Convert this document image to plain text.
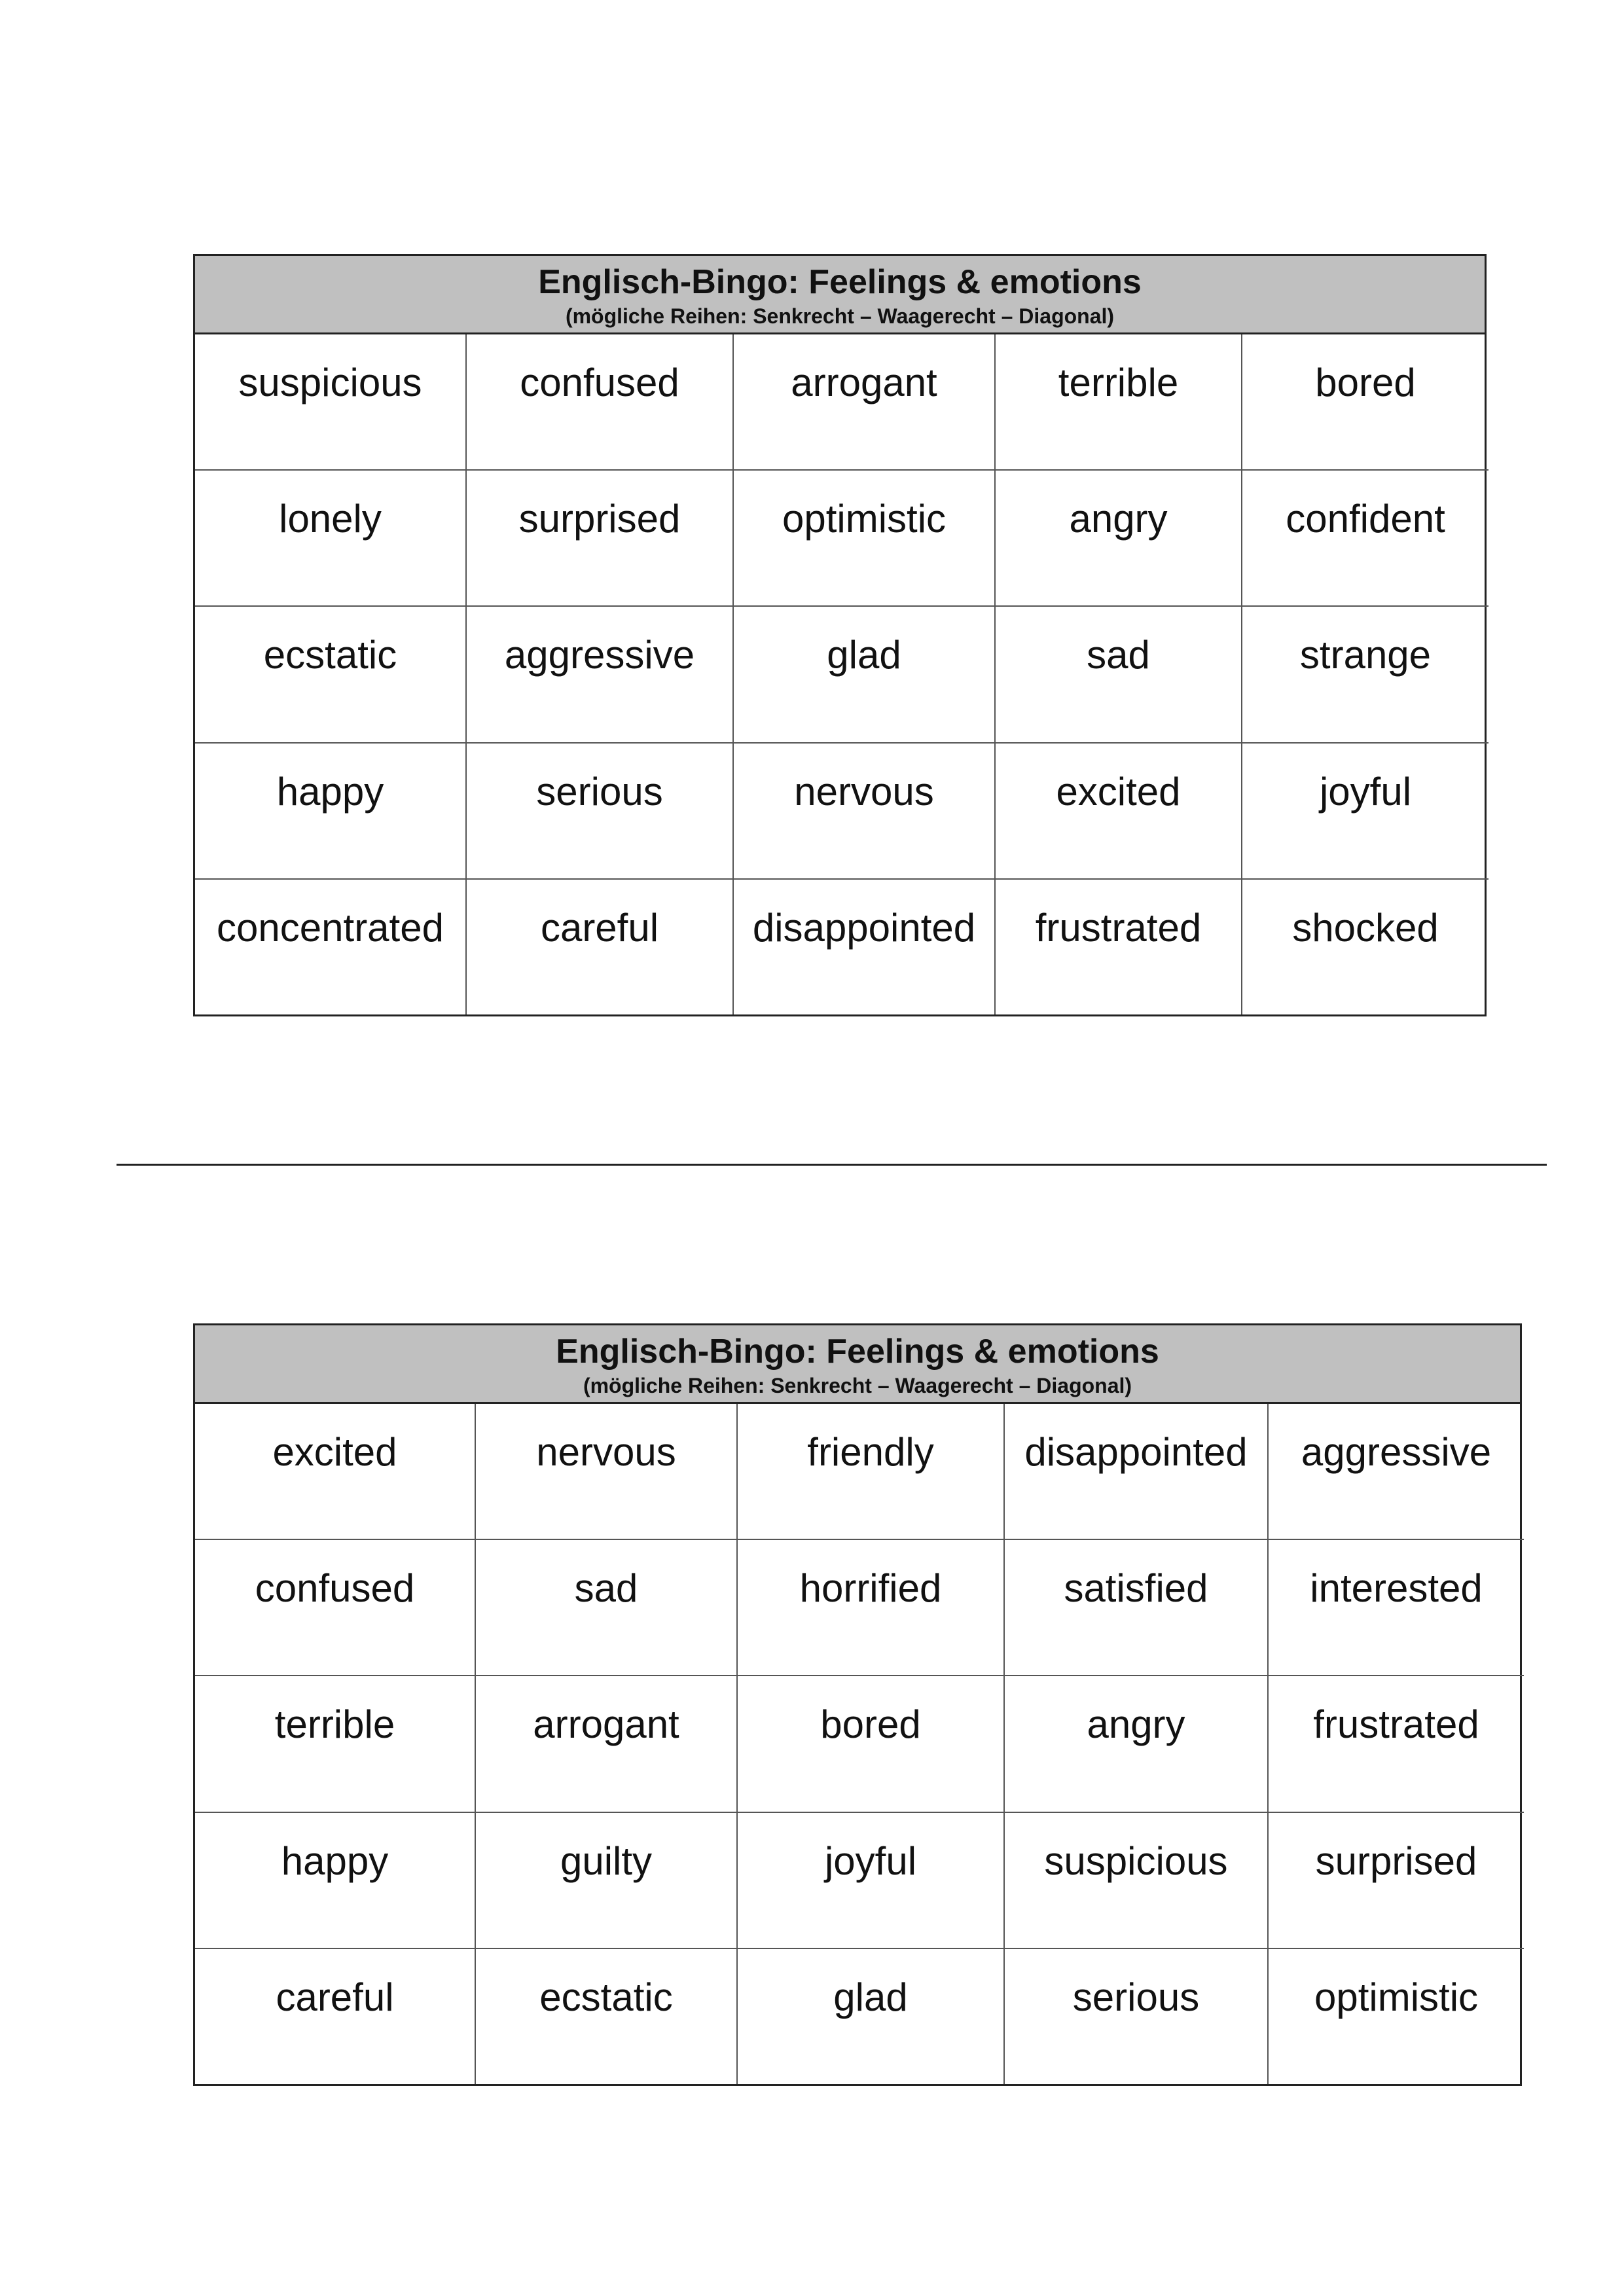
Englisch-Bingo: Feelings & emotions
(mögliche Reihen: Senkrecht – Waagerecht – Diagonal)
suspicious	confused	arrogant	terrible	bored
lonely	surprised	optimistic	angry	confident
ecstatic	aggressive	glad	sad	strange
happy	serious	nervous	excited	joyful
concentrated	careful	disappointed	frustrated	shocked
Englisch-Bingo: Feelings & emotions
(mögliche Reihen: Senkrecht – Waagerecht – Diagonal)
excited	nervous	friendly	disappointed	aggressive
confused	sad	horrified	satisfied	interested
terrible	arrogant	bored	angry	frustrated
happy	guilty	joyful	suspicious	surprised
careful	ecstatic	glad	serious	optimistic
